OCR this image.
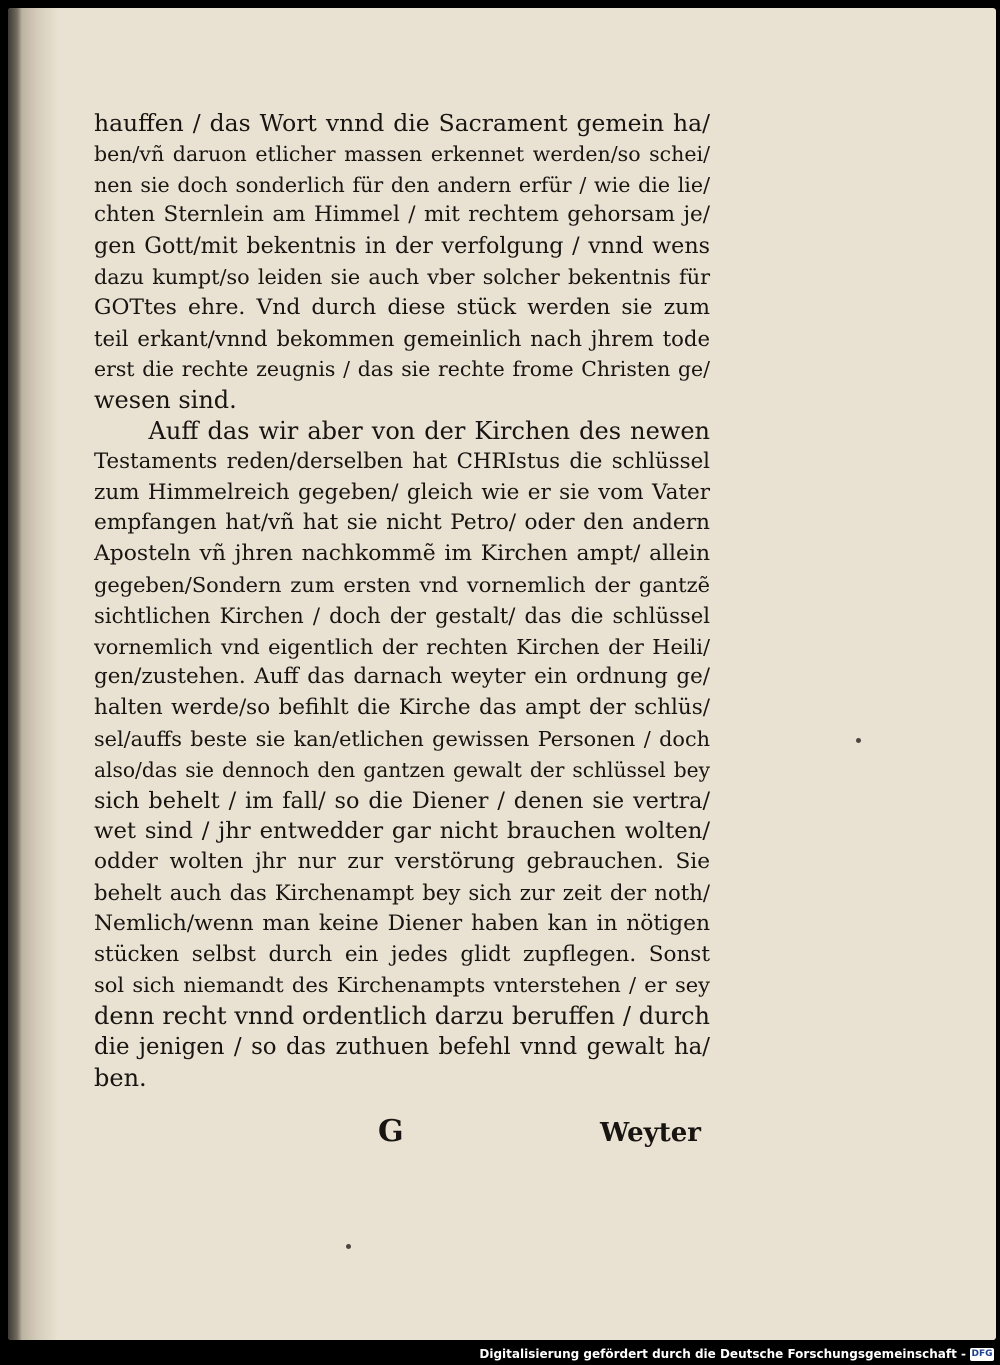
hauffen / das Wort vnnd die Sacrament gemein ha/
ben/vñ daruon etlicher massen erkennet werden/so schei/
nen sie doch sonderlich für den andern erfür / wie die lie/
chten Sternlein am Himmel / mit rechtem gehorsam je/
gen Gott/mit bekentnis in der verfolgung / vnnd wens
dazu kumpt/so leiden sie auch vber solcher bekentnis für
GOTtes ehre. Vnd durch diese stück werden sie zum
teil erkant/vnnd bekommen gemeinlich nach jhrem tode
erst die rechte zeugnis / das sie rechte frome Christen ge/
wesen sind.
Auff das wir aber von der Kirchen des newen
Testaments reden/derselben hat CHRIstus die schlüssel
zum Himmelreich gegeben/ gleich wie er sie vom Vater
empfangen hat/vñ hat sie nicht Petro/ oder den andern
Aposteln vñ jhren nachkommẽ im Kirchen ampt/ allein
gegeben/Sondern zum ersten vnd vornemlich der gantzẽ
sichtlichen Kirchen / doch der gestalt/ das die schlüssel
vornemlich vnd eigentlich der rechten Kirchen der Heili/
gen/zustehen. Auff das darnach weyter ein ordnung ge/
halten werde/so befihlt die Kirche das ampt der schlüs/
sel/auffs beste sie kan/etlichen gewissen Personen / doch
also/das sie dennoch den gantzen gewalt der schlüssel bey
sich behelt / im fall/ so die Diener / denen sie vertra/
wet sind / jhr entwedder gar nicht brauchen wolten/
odder wolten jhr nur zur verstörung gebrauchen. Sie
behelt auch das Kirchenampt bey sich zur zeit der noth/
Nemlich/wenn man keine Diener haben kan in nötigen
stücken selbst durch ein jedes glidt zupflegen. Sonst
sol sich niemandt des Kirchenampts vnterstehen / er sey
denn recht vnnd ordentlich darzu beruffen / durch
die jenigen / so das zuthuen befehl vnnd gewalt ha/
ben.
G	Weyter
Digitalisierung gefördert durch die Deutsche Forschungsgemeinschaft - DFG
